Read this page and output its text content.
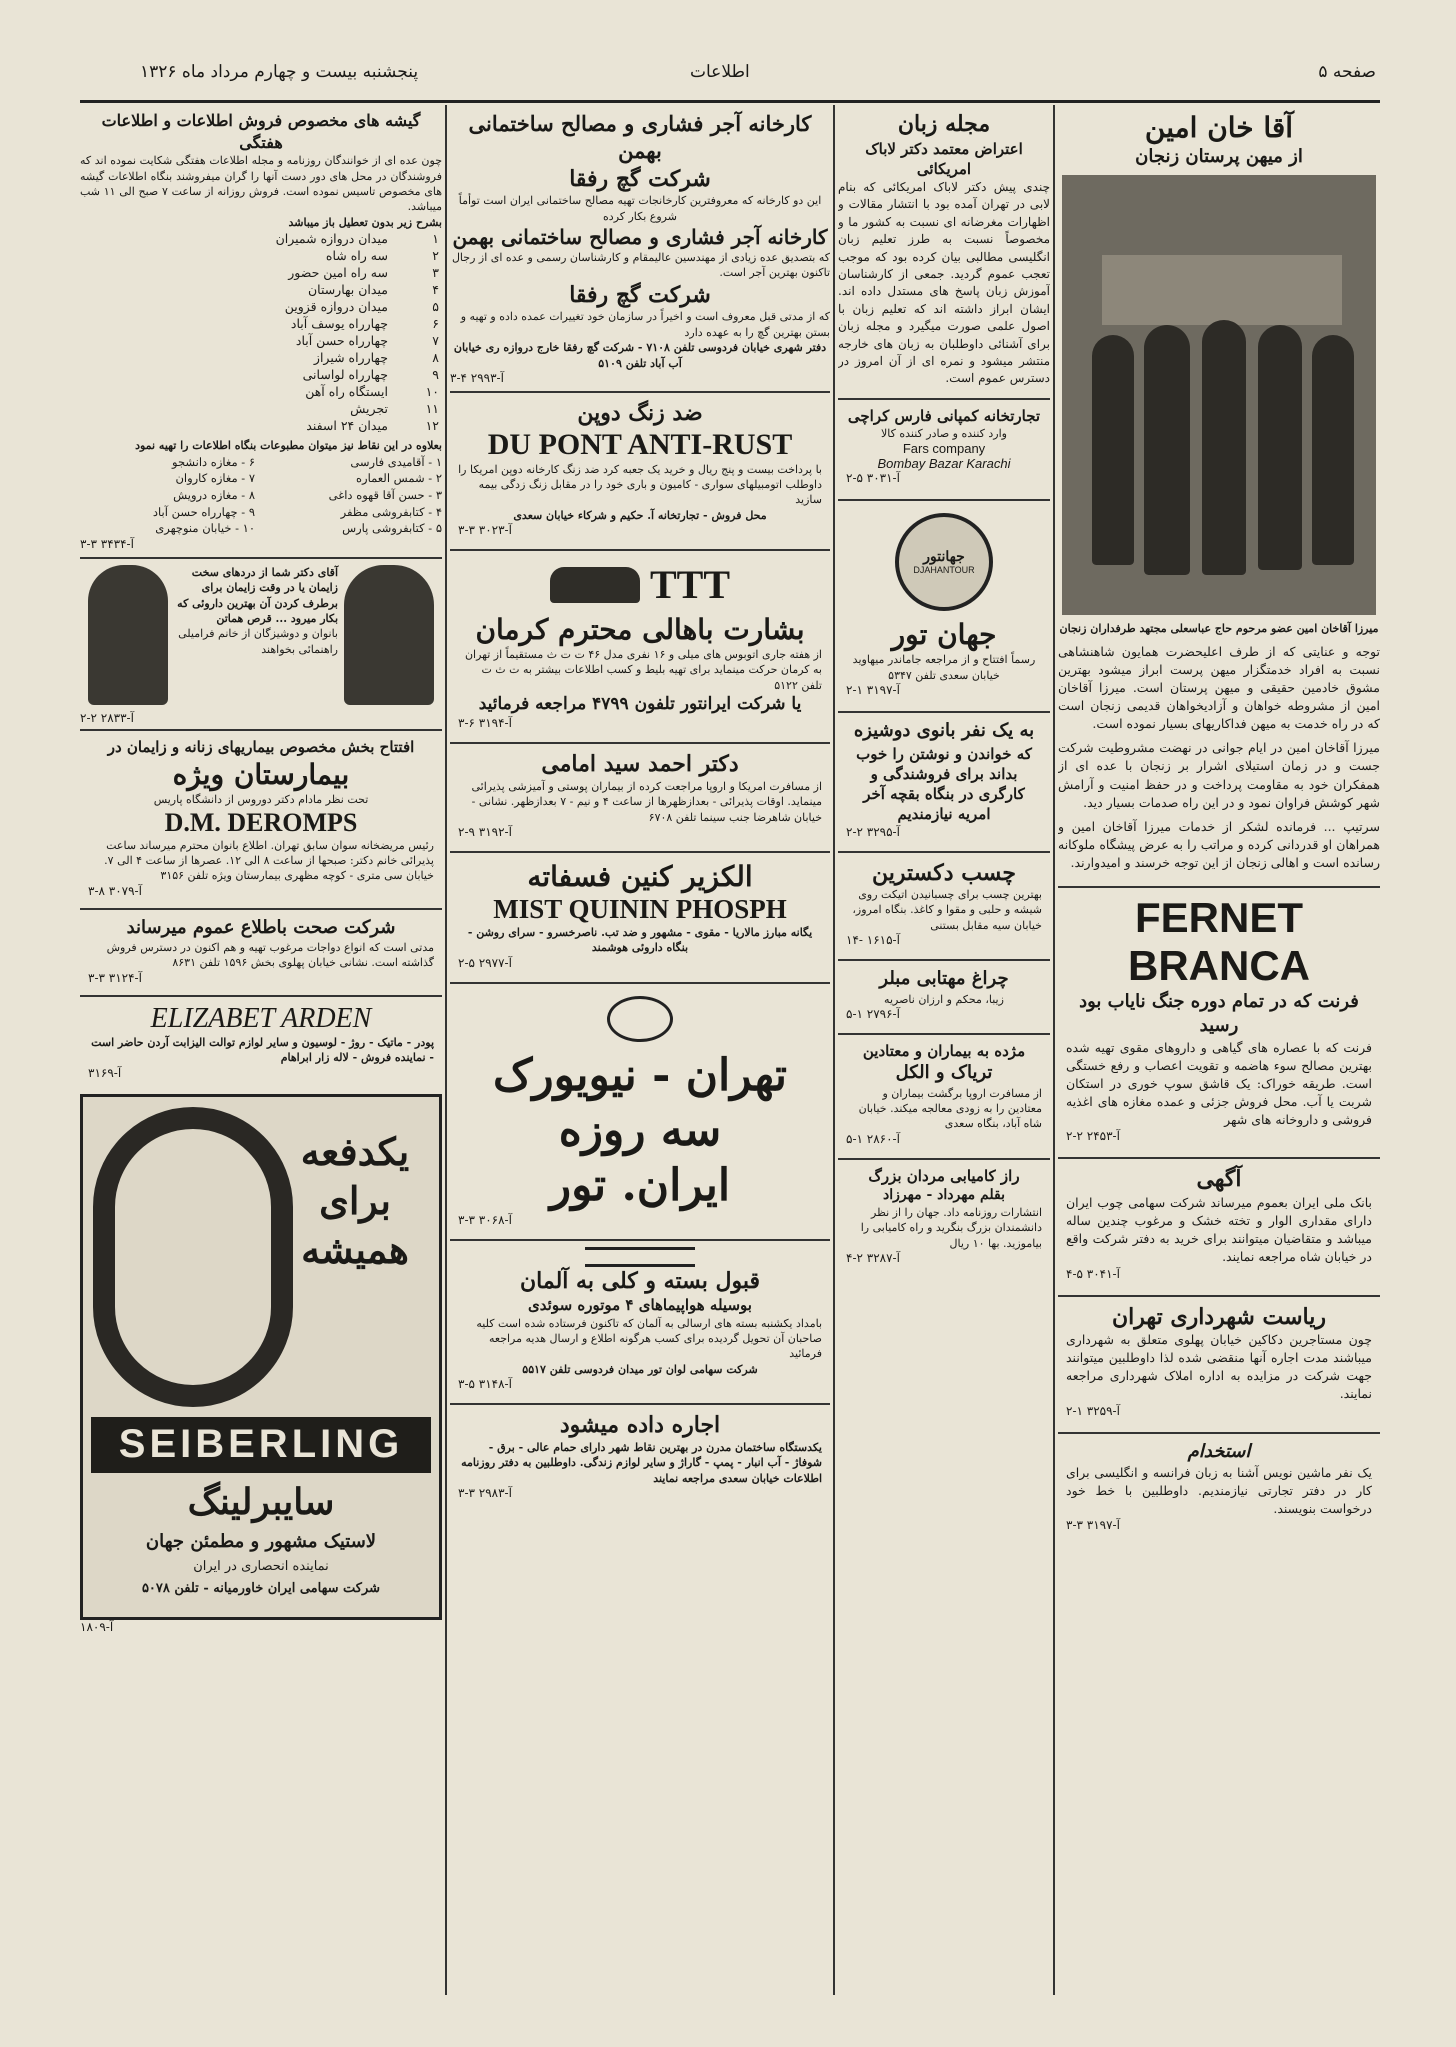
صفحه ۵
اطلاعات
پنجشنبه بیست و چهارم مرداد ماه ۱۳۲۶
آقا خان امین
از میهن پرستان زنجان
میرزا آقاخان امین عضو مرحوم حاج عباسعلی مجتهد طرفداران زنجان
توجه و عنایتی که از طرف اعلیحضرت همایون شاهنشاهی نسبت به افراد خدمتگزار میهن پرست ابراز میشود بهترین مشوق خادمین حقیقی و میهن پرستان است. میرزا آقاخان امین از مشروطه خواهان و آزادیخواهان قدیمی زنجان است که در راه خدمت به میهن فداکاریهای بسیار نموده است.
میرزا آقاخان امین در ایام جوانی در نهضت مشروطیت شرکت جست و در زمان استیلای اشرار بر زنجان با عده ای از همفکران خود به مقاومت پرداخت و در حفظ امنیت و آرامش شهر کوشش فراوان نمود و در این راه صدمات بسیار دید.
سرتیپ ... فرمانده لشکر از خدمات میرزا آقاخان امین و همراهان او قدردانی کرده و مراتب را به عرض پیشگاه ملوکانه رسانده است و اهالی زنجان از این توجه خرسند و امیدوارند.
FERNET BRANCA
فرنت که در تمام دوره جنگ نایاب بود رسید
فرنت که با عصاره های گیاهی و داروهای مقوی تهیه شده بهترین مصالح سوء هاضمه و تقویت اعصاب و رفع خستگی است. طریقه خوراک: یک قاشق سوپ خوری در استکان شربت یا آب. محل فروش جزئی و عمده مغازه های اغذیه فروشی و داروخانه های شهر
۲-۲ آ-۲۴۵۳
آگهی
بانک ملی ایران بعموم میرساند شرکت سهامی چوب ایران دارای مقداری الوار و تخته خشک و مرغوب چندین ساله میباشد و متقاضیان میتوانند برای خرید به دفتر شرکت واقع در خیابان شاه مراجعه نمایند.
۴-۵ آ-۳۰۴۱
ریاست شهرداری تهران
چون مستاجرین دکاکین خیابان پهلوی متعلق به شهرداری میباشند مدت اجاره آنها منقضی شده لذا داوطلبین میتوانند جهت شرکت در مزایده به اداره املاک شهرداری مراجعه نمایند.
۲-۱ آ-۳۲۵۹
استخدام
یک نفر ماشین نویس آشنا به زبان فرانسه و انگلیسی برای کار در دفتر تجارتی نیازمندیم. داوطلبین با خط خود درخواست بنویسند.
۳-۳ آ-۳۱۹۷
مجله زبان
اعتراض معتمد دکتر لاباک امریکائی
چندی پیش دکتر لاباک امریکائی که بنام لابی در تهران آمده بود با انتشار مقالات و اظهارات مغرضانه ای نسبت به کشور ما و مخصوصاً نسبت به طرز تعلیم زبان انگلیسی مطالبی بیان کرده بود که موجب تعجب عموم گردید. جمعی از کارشناسان آموزش زبان پاسخ های مستدل داده اند. ایشان ابراز داشته اند که تعلیم زبان با اصول علمی صورت میگیرد و مجله زبان برای آشنائی داوطلبان به زبان های خارجه منتشر میشود و نمره ای از آن امروز در دسترس عموم است.
تجارتخانه کمپانی فارس کراچی
وارد کننده و صادر کننده کالا
Fars company
Bombay Bazar Karachi
۲-۵ آ-۳۰۳۱
جهانتور
DJAHANTOUR
جهان تور
رسماً افتتاح و از مراجعه جاماندر میهاوید خیابان سعدی تلفن ۵۳۴۷
۲-۱ آ-۳۱۹۷
به یک نفر بانوی دوشیزه
که خواندن و نوشتن را خوب بداند برای فروشندگی و کارگری در بنگاه بقچه آخر امریه نیازمندیم
۲-۲ آ-۳۲۹۵
چسب دکسترین
بهترین چسب برای چسبانیدن اتیکت روی شیشه و حلبی و مقوا و کاغذ. بنگاه امروز، خیابان سیه مقابل بستنی
۱۴- آ-۱۶۱۵
چراغ مهتابی مبلر
زیبا، محکم و ارزان ناصریه
۵-۱ آ-۲۷۹۶
مژده به بیماران و معتادین
تریاک و الکل
از مسافرت اروپا برگشت بیماران و معتادین را به زودی معالجه میکند. خیابان شاه آباد، بنگاه سعدی
۵-۱ آ-۲۸۶۰
راز کامیابی مردان بزرگ
بقلم مهرداد - مهرزاد
انتشارات روزنامه داد. جهان را از نظر دانشمندان بزرگ بنگرید و راه کامیابی را بیاموزید. بها ۱۰ ریال
۴-۲ آ-۳۲۸۷
کارخانه آجر فشاری و مصالح ساختمانی بهمن
شرکت گچ رفقا
این دو کارخانه که معروفترین کارخانجات تهیه مصالح ساختمانی ایران است توأماً شروع بکار کرده
کارخانه آجر فشاری و مصالح ساختمانی بهمن
که بتصدیق عده زیادی از مهندسین عالیمقام و کارشناسان رسمی و عده ای از رجال تاکنون بهترین آجر است.
شرکت گچ رفقا
که از مدتی قبل معروف است و اخیراً در سازمان خود تغییرات عمده داده و تهیه و بستن بهترین گچ را به عهده دارد
دفتر شهری خیابان فردوسی تلفن ۷۱۰۸ - شرکت گچ رفقا خارج دروازه ری خیابان آب آباد تلفن ۵۱۰۹
۳-۴ آ-۲۹۹۳
ضد زنگ دوپن
DU PONT ANTI-RUST
با پرداخت بیست و پنج ریال و خرید یک جعبه کرد ضد زنگ کارخانه دوپن امریکا را داوطلب اتومبیلهای سواری - کامیون و باری خود را در مقابل زنگ زدگی بیمه سازید
محل فروش - تجارتخانه آ. حکیم و شرکاء خیابان سعدی
۳-۳ آ-۳۰۲۳
TTT
بشارت باهالی محترم کرمان
از هفته جاری اتوبوس های میلی و ۱۶ نفری مدل ۴۶ ت ت ث مستقیماً از تهران به کرمان حرکت مینماید برای تهیه بلیط و کسب اطلاعات بیشتر به ت ث ت تلفن ۵۱۲۲
یا شرکت ایرانتور تلفون ۴۷۹۹ مراجعه فرمائید
۳-۶ آ-۳۱۹۴
دکتر احمد سید امامی
از مسافرت امریکا و اروپا مراجعت کرده از بیماران پوستی و آمیزشی پذیرائی مینماید. اوقات پذیرائی - بعدازظهرها از ساعت ۴ و نیم - ۷ بعدازظهر. نشانی - خیابان شاهرضا جنب سینما تلفن ۶۷۰۸
۲-۹ آ-۳۱۹۲
الکزیر کنین فسفاته
MIST QUININ PHOSPH
یگانه مبارز مالاریا - مقوی - مشهور و ضد تب. ناصرخسرو - سرای روشن - بنگاه داروئی هوشمند
۲-۵ آ-۲۹۷۷
تهران - نیویورک
سه روزه
ایران. تور
۳-۳ آ-۳۰۶۸
قبول بسته و کلی به آلمان
بوسیله هواپیماهای ۴ موتوره سوئدی
بامداد یکشنبه بسته های ارسالی به آلمان که تاکنون فرستاده شده است کلیه صاحبان آن تحویل گردیده برای کسب هرگونه اطلاع و ارسال هدیه مراجعه فرمائید
شرکت سهامی لوان تور میدان فردوسی تلفن ۵۵۱۷
۳-۵ آ-۳۱۴۸
اجاره داده میشود
یکدستگاه ساختمان مدرن در بهترین نقاط شهر دارای حمام عالی - برق - شوفاژ - آب انبار - پمپ - گاراژ و سایر لوازم زندگی. داوطلبین به دفتر روزنامه اطلاعات خیابان سعدی مراجعه نمایند
۳-۳ آ-۲۹۸۳
گیشه های مخصوص فروش اطلاعات و اطلاعات هفتگی
چون عده ای از خوانندگان روزنامه و مجله اطلاعات هفتگی شکایت نموده اند که فروشندگان در محل های دور دست آنها را گران میفروشند بنگاه اطلاعات گیشه های مخصوص تاسیس نموده است. فروش روزانه از ساعت ۷ صبح الی ۱۱ شب میباشد.
بشرح زیر بدون تعطیل باز میباشد
۱	میدان دروازه شمیران
۲	سه راه شاه
۳	سه راه امین حضور
۴	میدان بهارستان
۵	میدان دروازه قزوین
۶	چهارراه یوسف آباد
۷	چهارراه حسن آباد
۸	چهارراه شیراز
۹	چهارراه لواسانی
۱۰	ایستگاه راه آهن
۱۱	تجریش
۱۲	میدان ۲۴ اسفند
بعلاوه در این نقاط نیز میتوان مطبوعات بنگاه اطلاعات را تهیه نمود
۱ - آقامیدی فارسی
۲ - شمس العماره
۳ - حسن آقا قهوه داغی
۴ - کتابفروشی مظفر
۵ - کتابفروشی پارس
۶ - مغازه دانشجو
۷ - مغازه کاروان
۸ - مغازه درویش
۹ - چهارراه حسن آباد
۱۰ - خیابان منوچهری
۳-۳ آ-۳۴۳۴
آقای دکتر شما از دردهای سخت زایمان یا در وقت زایمان برای برطرف کردن آن بهترین داروئی که بکار میرود ... قرص هماتن
بانوان و دوشیزگان از خانم فرامیلی راهنمائی بخواهند
۲-۲ آ-۲۸۳۳
افتتاح بخش مخصوص بیماریهای زنانه و زایمان در
بیمارستان ویژه
تحت نظر مادام دکتر دوروس از دانشگاه پاریس
D.M. DEROMPS
رئیس مریضخانه سوان سابق تهران. اطلاع بانوان محترم میرساند ساعت پذیرائی خانم دکتر: صبحها از ساعت ۸ الی ۱۲. عصرها از ساعت ۴ الی ۷. خیابان سی متری - کوچه مظهری بیمارستان ویژه تلفن ۳۱۵۶
۳-۸ آ-۳۰۷۹
شرکت صحت باطلاع عموم میرساند
مدتی است که انواع دواجات مرغوب تهیه و هم اکنون در دسترس فروش گذاشته است. نشانی خیابان پهلوی بخش ۱۵۹۶ تلفن ۸۶۳۱
۳-۳ آ-۳۱۲۴
ELIZABET ARDEN
پودر - ماتیک - روژ - لوسیون و سایر لوازم توالت الیزابت آردن حاضر است - نماینده فروش - لاله زار ابراهام
آ-۳۱۶۹
یکدفعه برای همیشه
SEIBERLING
سایبرلینگ
لاستیک مشهور و مطمئن جهان
نماینده انحصاری در ایران
شرکت سهامی ایران خاورمیانه - تلفن ۵۰۷۸
آ-۱۸۰۹
